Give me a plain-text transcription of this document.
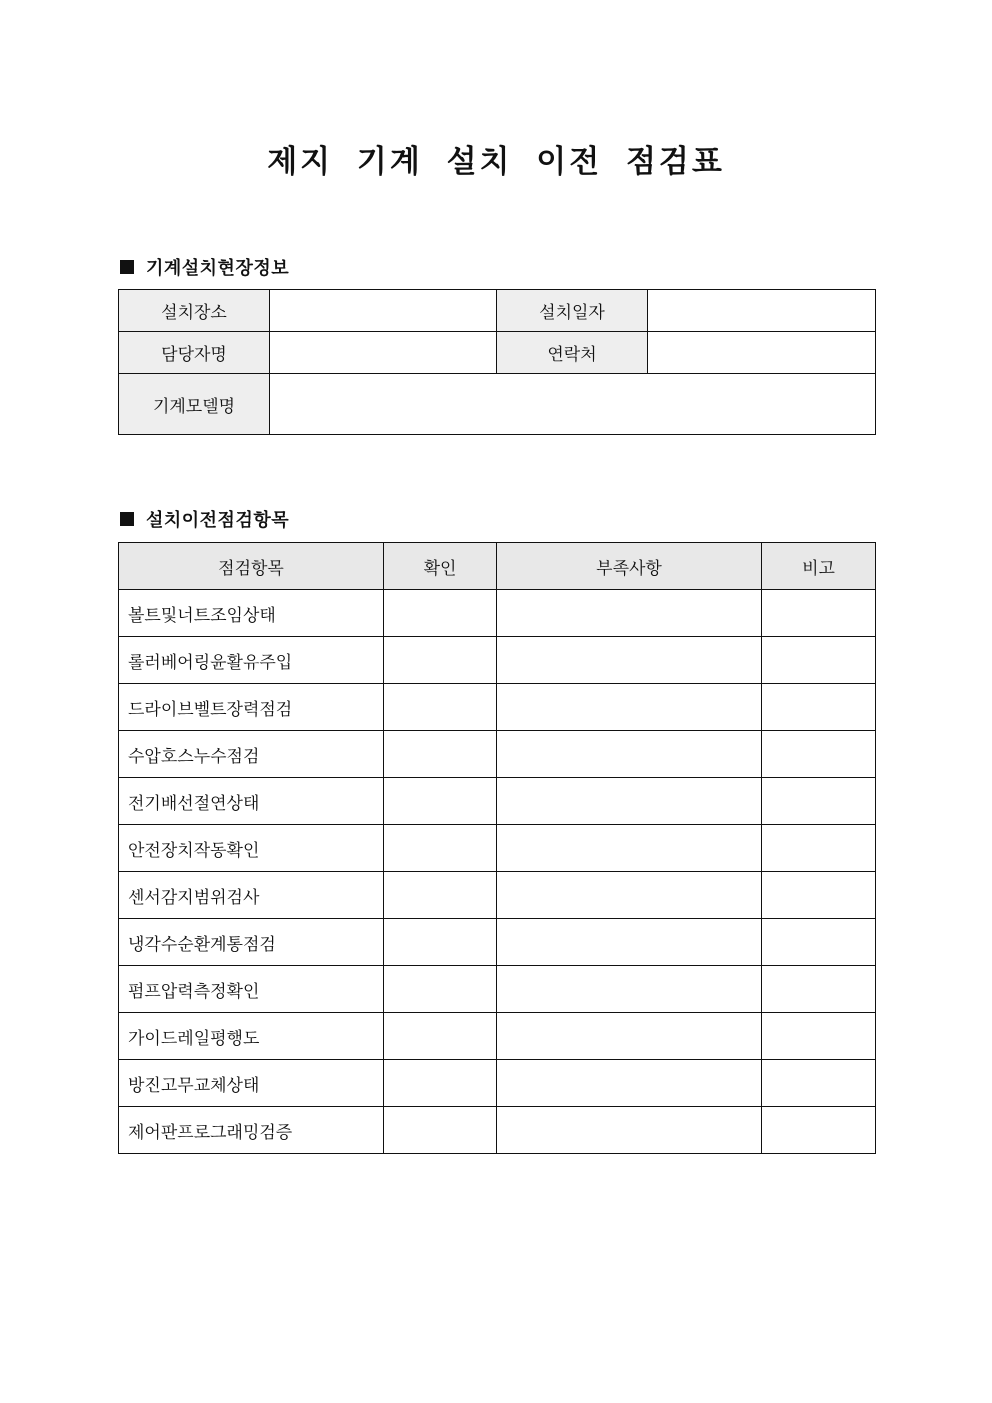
제지 기계 설치 이전 점검표
기계설치현장정보
설치장소		설치일자	
담당자명		연락처	
기계모델명			
설치이전점검항목
점검항목	확인	부족사항	비고
볼트및너트조임상태			
롤러베어링윤활유주입			
드라이브벨트장력점검			
수압호스누수점검			
전기배선절연상태			
안전장치작동확인			
센서감지범위검사			
냉각수순환계통점검			
펌프압력측정확인			
가이드레일평행도			
방진고무교체상태			
제어판프로그래밍검증			
